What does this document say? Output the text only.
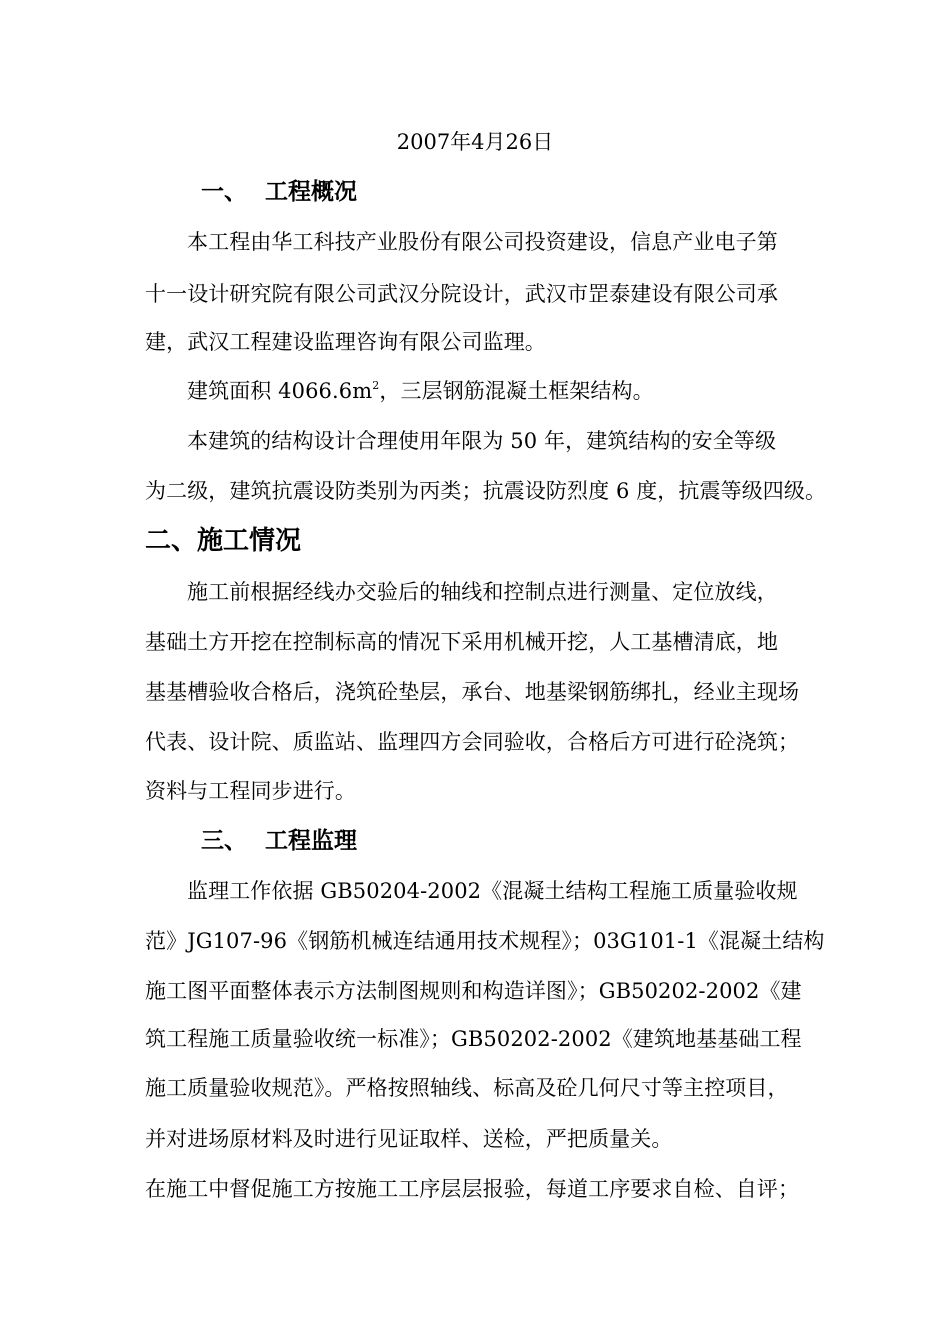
2007年4月26日
一、 工程概况
本工程由华工科技产业股份有限公司投资建设，信息产业电子第
十一设计研究院有限公司武汉分院设计，武汉市罡泰建设有限公司承
建，武汉工程建设监理咨询有限公司监理。
建筑面积 $4066.6m^2$，三层钢筋混凝土框架结构。
本建筑的结构设计合理使用年限为 50 年，建筑结构的安全等级
为二级，建筑抗震设防类别为丙类；抗震设防烈度 6 度，抗震等级四级。
二、施工情况
施工前根据经线办交验后的轴线和控制点进行测量、定位放线，
基础土方开挖在控制标高的情况下采用机械开挖，人工基槽清底，地
基基槽验收合格后，浇筑砼垫层，承台、地基梁钢筋绑扎，经业主现场
代表、设计院、质监站、监理四方会同验收，合格后方可进行砼浇筑；
资料与工程同步进行。
三、 工程监理
监理工作依据 GB50204-2002《混凝土结构工程施工质量验收规
范》JG107-96《钢筋机械连结通用技术规程》；03G101-1《混凝土结构
施工图平面整体表示方法制图规则和构造详图》；GB50202-2002《建
筑工程施工质量验收统一标准》；GB50202-2002《建筑地基基础工程
施工质量验收规范》。严格按照轴线、标高及砼几何尺寸等主控项目，
并对进场原材料及时进行见证取样、送检，严把质量关。
在施工中督促施工方按施工工序层层报验，每道工序要求自检、自评；
